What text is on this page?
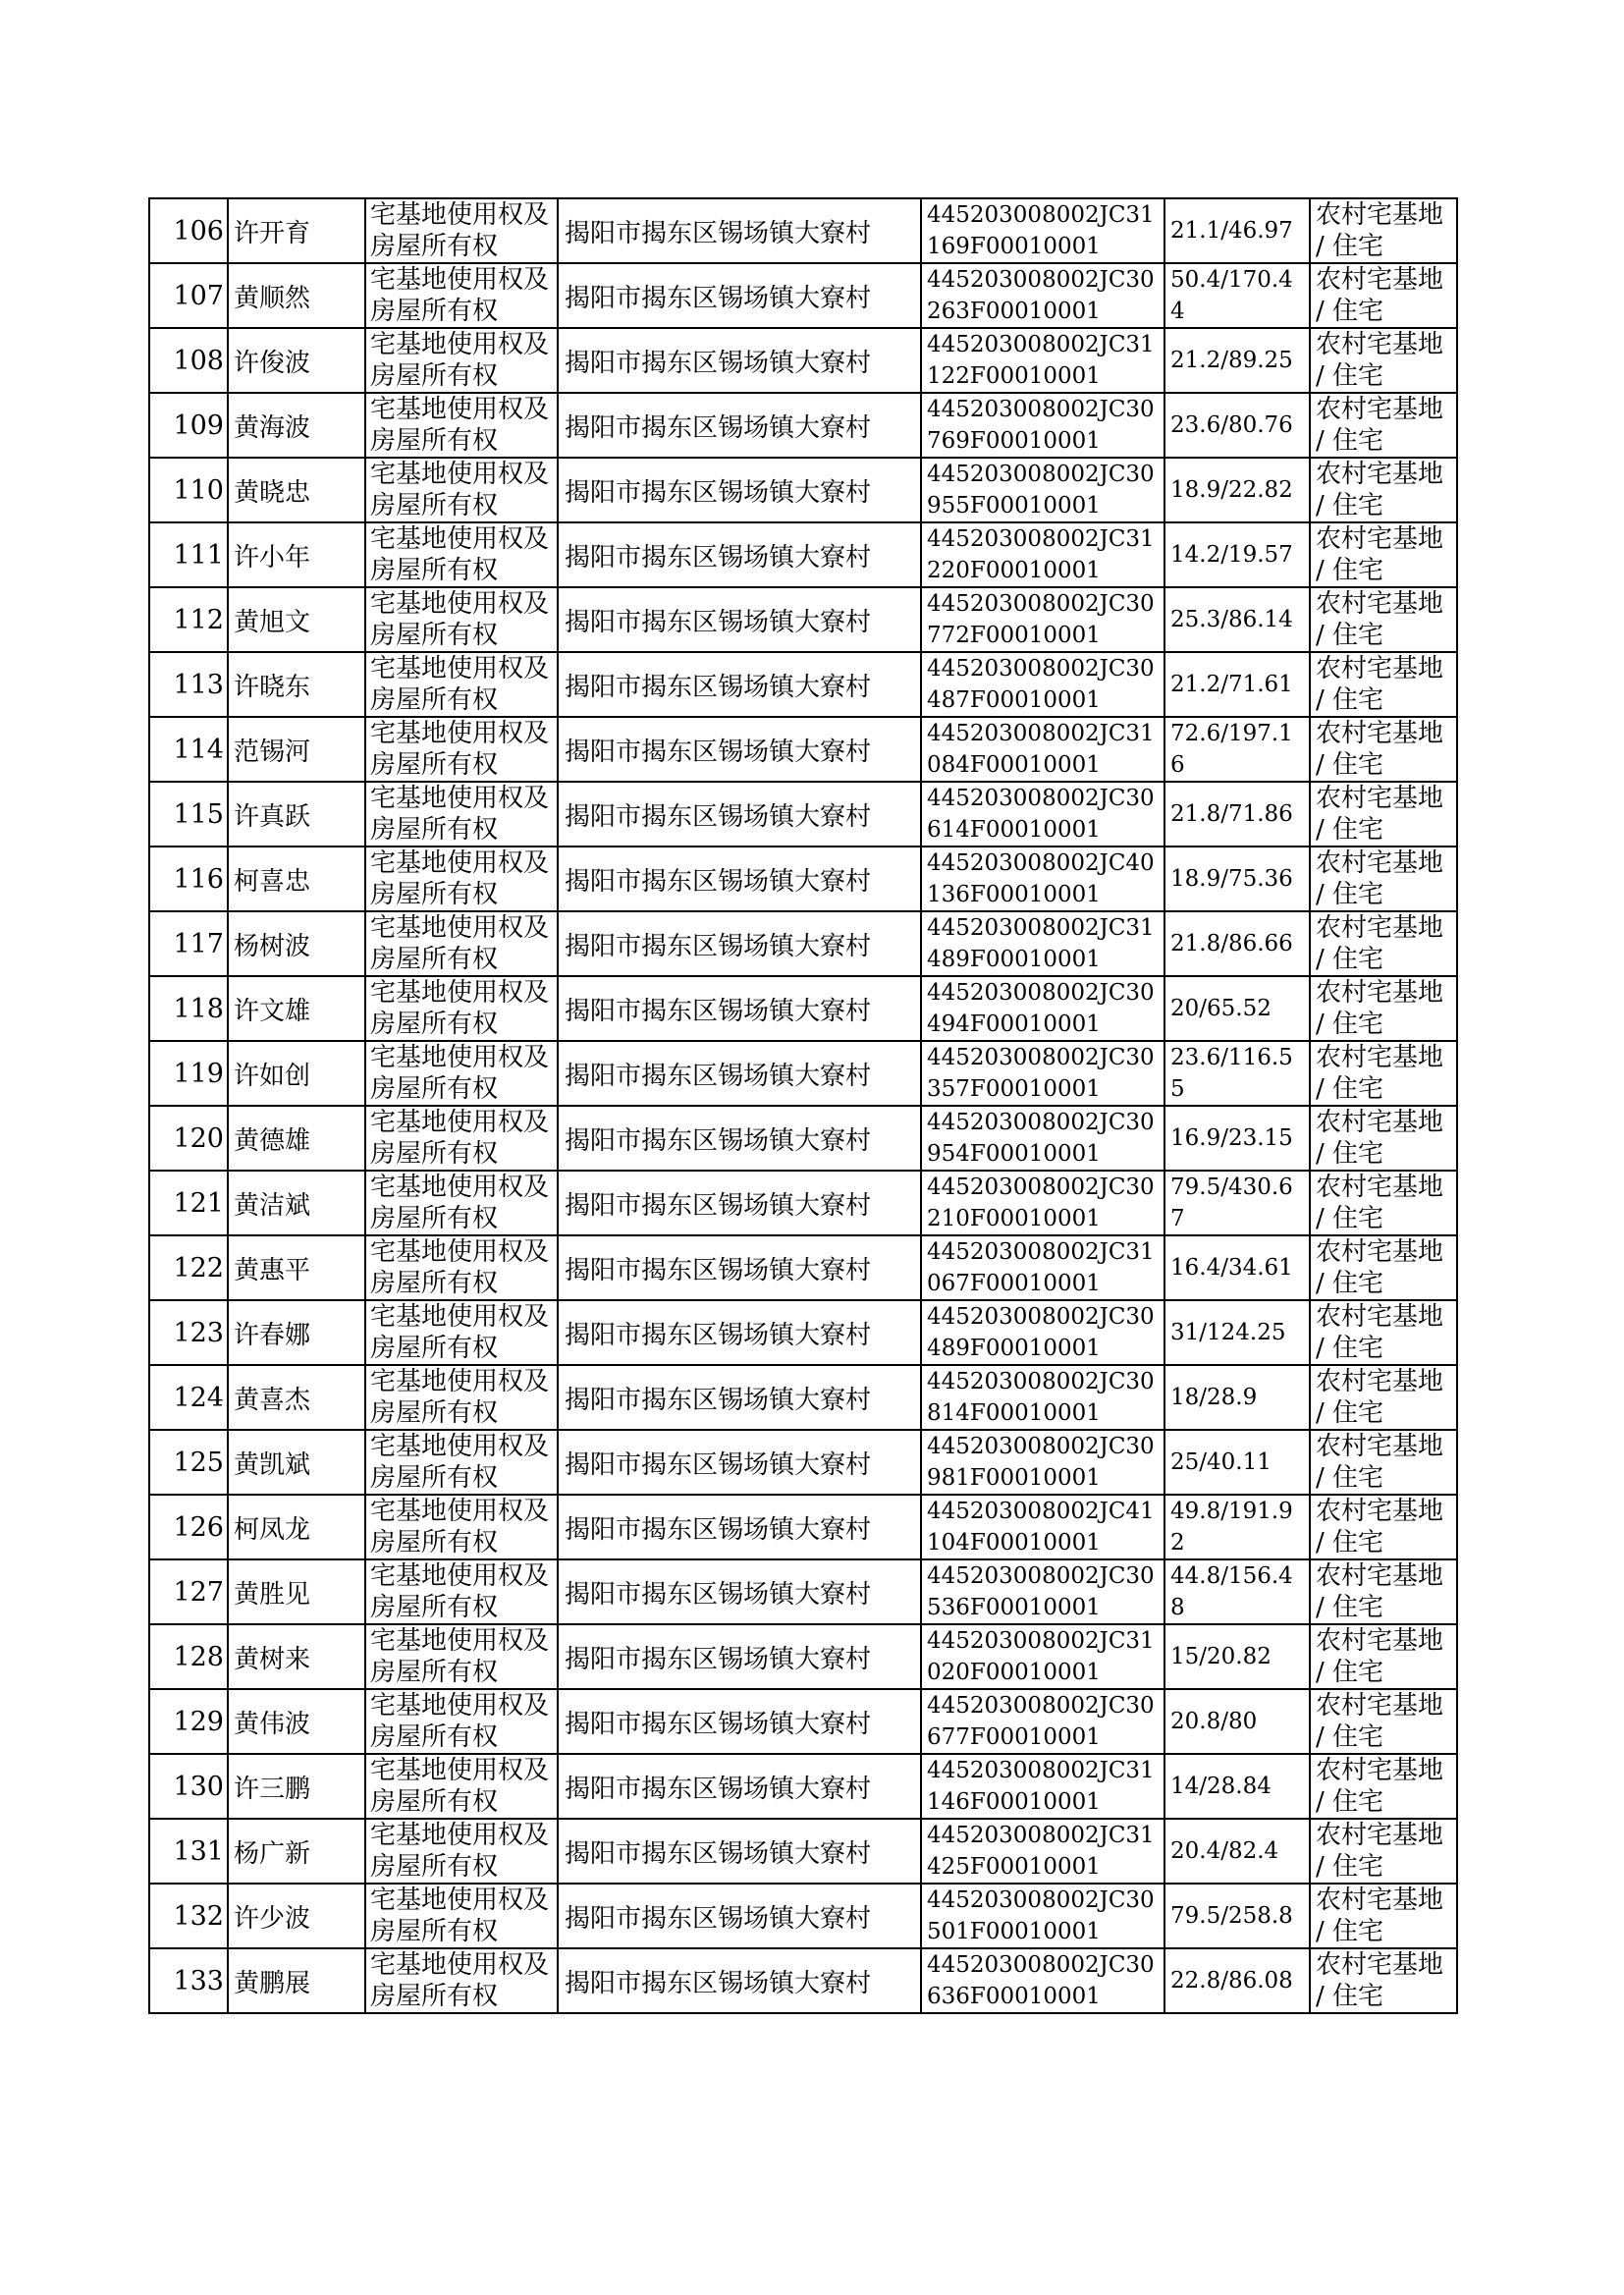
106	许开育	宅基地使用权及房屋所有权	揭阳市揭东区锡场镇大寮村	445203008002JC31169F00010001	21.1/46.97	农村宅基地 / 住宅
107	黄顺然	宅基地使用权及房屋所有权	揭阳市揭东区锡场镇大寮村	445203008002JC30263F00010001	50.4/170.44	农村宅基地 / 住宅
108	许俊波	宅基地使用权及房屋所有权	揭阳市揭东区锡场镇大寮村	445203008002JC31122F00010001	21.2/89.25	农村宅基地 / 住宅
109	黄海波	宅基地使用权及房屋所有权	揭阳市揭东区锡场镇大寮村	445203008002JC30769F00010001	23.6/80.76	农村宅基地 / 住宅
110	黄晓忠	宅基地使用权及房屋所有权	揭阳市揭东区锡场镇大寮村	445203008002JC30955F00010001	18.9/22.82	农村宅基地 / 住宅
111	许小年	宅基地使用权及房屋所有权	揭阳市揭东区锡场镇大寮村	445203008002JC31220F00010001	14.2/19.57	农村宅基地 / 住宅
112	黄旭文	宅基地使用权及房屋所有权	揭阳市揭东区锡场镇大寮村	445203008002JC30772F00010001	25.3/86.14	农村宅基地 / 住宅
113	许晓东	宅基地使用权及房屋所有权	揭阳市揭东区锡场镇大寮村	445203008002JC30487F00010001	21.2/71.61	农村宅基地 / 住宅
114	范锡河	宅基地使用权及房屋所有权	揭阳市揭东区锡场镇大寮村	445203008002JC31084F00010001	72.6/197.16	农村宅基地 / 住宅
115	许真跃	宅基地使用权及房屋所有权	揭阳市揭东区锡场镇大寮村	445203008002JC30614F00010001	21.8/71.86	农村宅基地 / 住宅
116	柯喜忠	宅基地使用权及房屋所有权	揭阳市揭东区锡场镇大寮村	445203008002JC40136F00010001	18.9/75.36	农村宅基地 / 住宅
117	杨树波	宅基地使用权及房屋所有权	揭阳市揭东区锡场镇大寮村	445203008002JC31489F00010001	21.8/86.66	农村宅基地 / 住宅
118	许文雄	宅基地使用权及房屋所有权	揭阳市揭东区锡场镇大寮村	445203008002JC30494F00010001	20/65.52	农村宅基地 / 住宅
119	许如创	宅基地使用权及房屋所有权	揭阳市揭东区锡场镇大寮村	445203008002JC30357F00010001	23.6/116.55	农村宅基地 / 住宅
120	黄德雄	宅基地使用权及房屋所有权	揭阳市揭东区锡场镇大寮村	445203008002JC30954F00010001	16.9/23.15	农村宅基地 / 住宅
121	黄洁斌	宅基地使用权及房屋所有权	揭阳市揭东区锡场镇大寮村	445203008002JC30210F00010001	79.5/430.67	农村宅基地 / 住宅
122	黄惠平	宅基地使用权及房屋所有权	揭阳市揭东区锡场镇大寮村	445203008002JC31067F00010001	16.4/34.61	农村宅基地 / 住宅
123	许春娜	宅基地使用权及房屋所有权	揭阳市揭东区锡场镇大寮村	445203008002JC30489F00010001	31/124.25	农村宅基地 / 住宅
124	黄喜杰	宅基地使用权及房屋所有权	揭阳市揭东区锡场镇大寮村	445203008002JC30814F00010001	18/28.9	农村宅基地 / 住宅
125	黄凯斌	宅基地使用权及房屋所有权	揭阳市揭东区锡场镇大寮村	445203008002JC30981F00010001	25/40.11	农村宅基地 / 住宅
126	柯凤龙	宅基地使用权及房屋所有权	揭阳市揭东区锡场镇大寮村	445203008002JC41104F00010001	49.8/191.92	农村宅基地 / 住宅
127	黄胜见	宅基地使用权及房屋所有权	揭阳市揭东区锡场镇大寮村	445203008002JC30536F00010001	44.8/156.48	农村宅基地 / 住宅
128	黄树来	宅基地使用权及房屋所有权	揭阳市揭东区锡场镇大寮村	445203008002JC31020F00010001	15/20.82	农村宅基地 / 住宅
129	黄伟波	宅基地使用权及房屋所有权	揭阳市揭东区锡场镇大寮村	445203008002JC30677F00010001	20.8/80	农村宅基地 / 住宅
130	许三鹏	宅基地使用权及房屋所有权	揭阳市揭东区锡场镇大寮村	445203008002JC31146F00010001	14/28.84	农村宅基地 / 住宅
131	杨广新	宅基地使用权及房屋所有权	揭阳市揭东区锡场镇大寮村	445203008002JC31425F00010001	20.4/82.4	农村宅基地 / 住宅
132	许少波	宅基地使用权及房屋所有权	揭阳市揭东区锡场镇大寮村	445203008002JC30501F00010001	79.5/258.8	农村宅基地 / 住宅
133	黄鹏展	宅基地使用权及房屋所有权	揭阳市揭东区锡场镇大寮村	445203008002JC30636F00010001	22.8/86.08	农村宅基地 / 住宅
